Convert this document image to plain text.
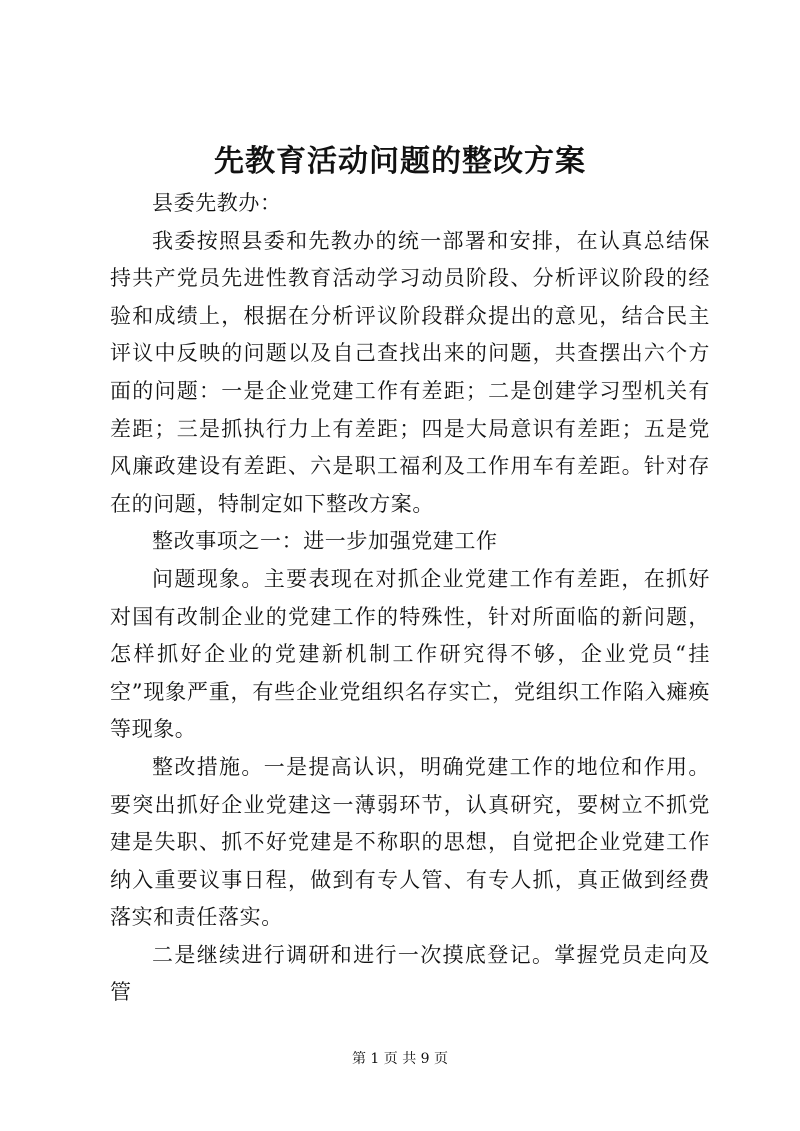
先教育活动问题的整改方案

县委先教办：

我委按照县委和先教办的统一部署和安排，在认真总结保持共产党员先进性教育活动学习动员阶段、分析评议阶段的经验和成绩上，根据在分析评议阶段群众提出的意见，结合民主评议中反映的问题以及自己查找出来的问题，共查摆出六个方面的问题：一是企业党建工作有差距；二是创建学习型机关有差距；三是抓执行力上有差距；四是大局意识有差距；五是党风廉政建设有差距、六是职工福利及工作用车有差距。针对存在的问题，特制定如下整改方案。

整改事项之一：进一步加强党建工作

问题现象。主要表现在对抓企业党建工作有差距，在抓好对国有改制企业的党建工作的特殊性，针对所面临的新问题，怎样抓好企业的党建新机制工作研究得不够，企业党员“挂空”现象严重，有些企业党组织名存实亡，党组织工作陷入瘫痪等现象。

整改措施。一是提高认识，明确党建工作的地位和作用。要突出抓好企业党建这一薄弱环节，认真研究，要树立不抓党建是失职、抓不好党建是不称职的思想，自觉把企业党建工作纳入重要议事日程，做到有专人管、有专人抓，真正做到经费落实和责任落实。

二是继续进行调研和进行一次摸底登记。掌握党员走向及管

第 1 页 共 9 页
